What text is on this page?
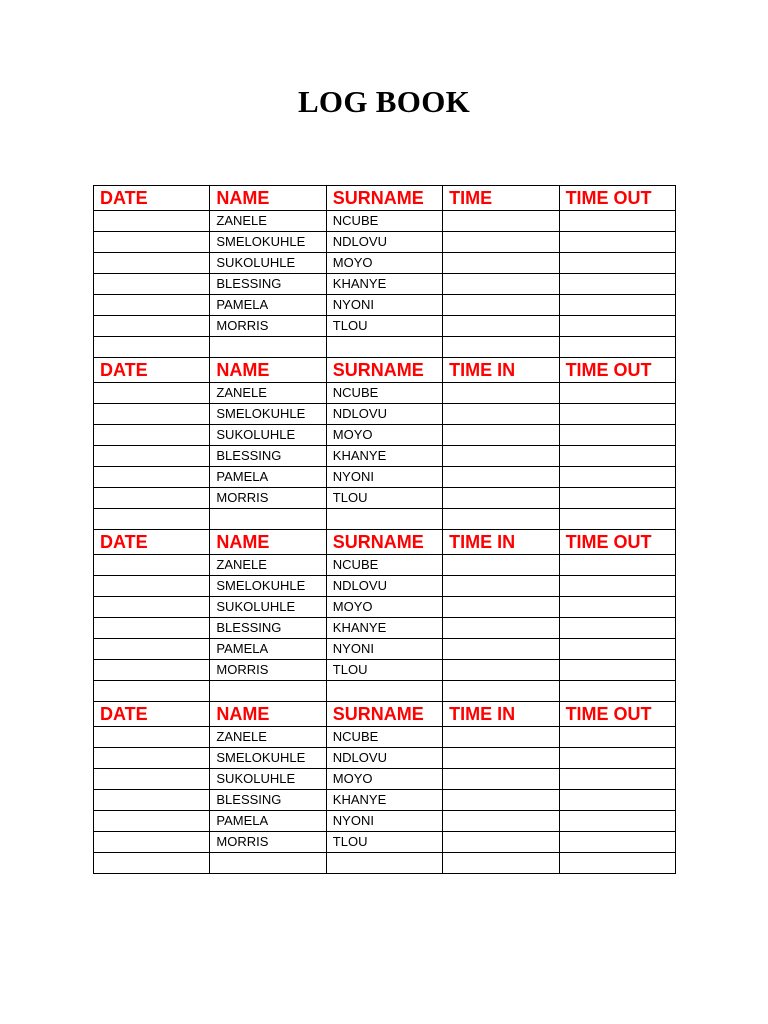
LOG BOOK
DATE	NAME	SURNAME	TIME	TIME OUT
	ZANELE	NCUBE		
	SMELOKUHLE	NDLOVU		
	SUKOLUHLE	MOYO		
	BLESSING	KHANYE		
	PAMELA	NYONI		
	MORRIS	TLOU		

DATE	NAME	SURNAME	TIME IN	TIME OUT
	ZANELE	NCUBE		
	SMELOKUHLE	NDLOVU		
	SUKOLUHLE	MOYO		
	BLESSING	KHANYE		
	PAMELA	NYONI		
	MORRIS	TLOU		

DATE	NAME	SURNAME	TIME IN	TIME OUT
	ZANELE	NCUBE		
	SMELOKUHLE	NDLOVU		
	SUKOLUHLE	MOYO		
	BLESSING	KHANYE		
	PAMELA	NYONI		
	MORRIS	TLOU		

DATE	NAME	SURNAME	TIME IN	TIME OUT
	ZANELE	NCUBE		
	SMELOKUHLE	NDLOVU		
	SUKOLUHLE	MOYO		
	BLESSING	KHANYE		
	PAMELA	NYONI		
	MORRIS	TLOU		
